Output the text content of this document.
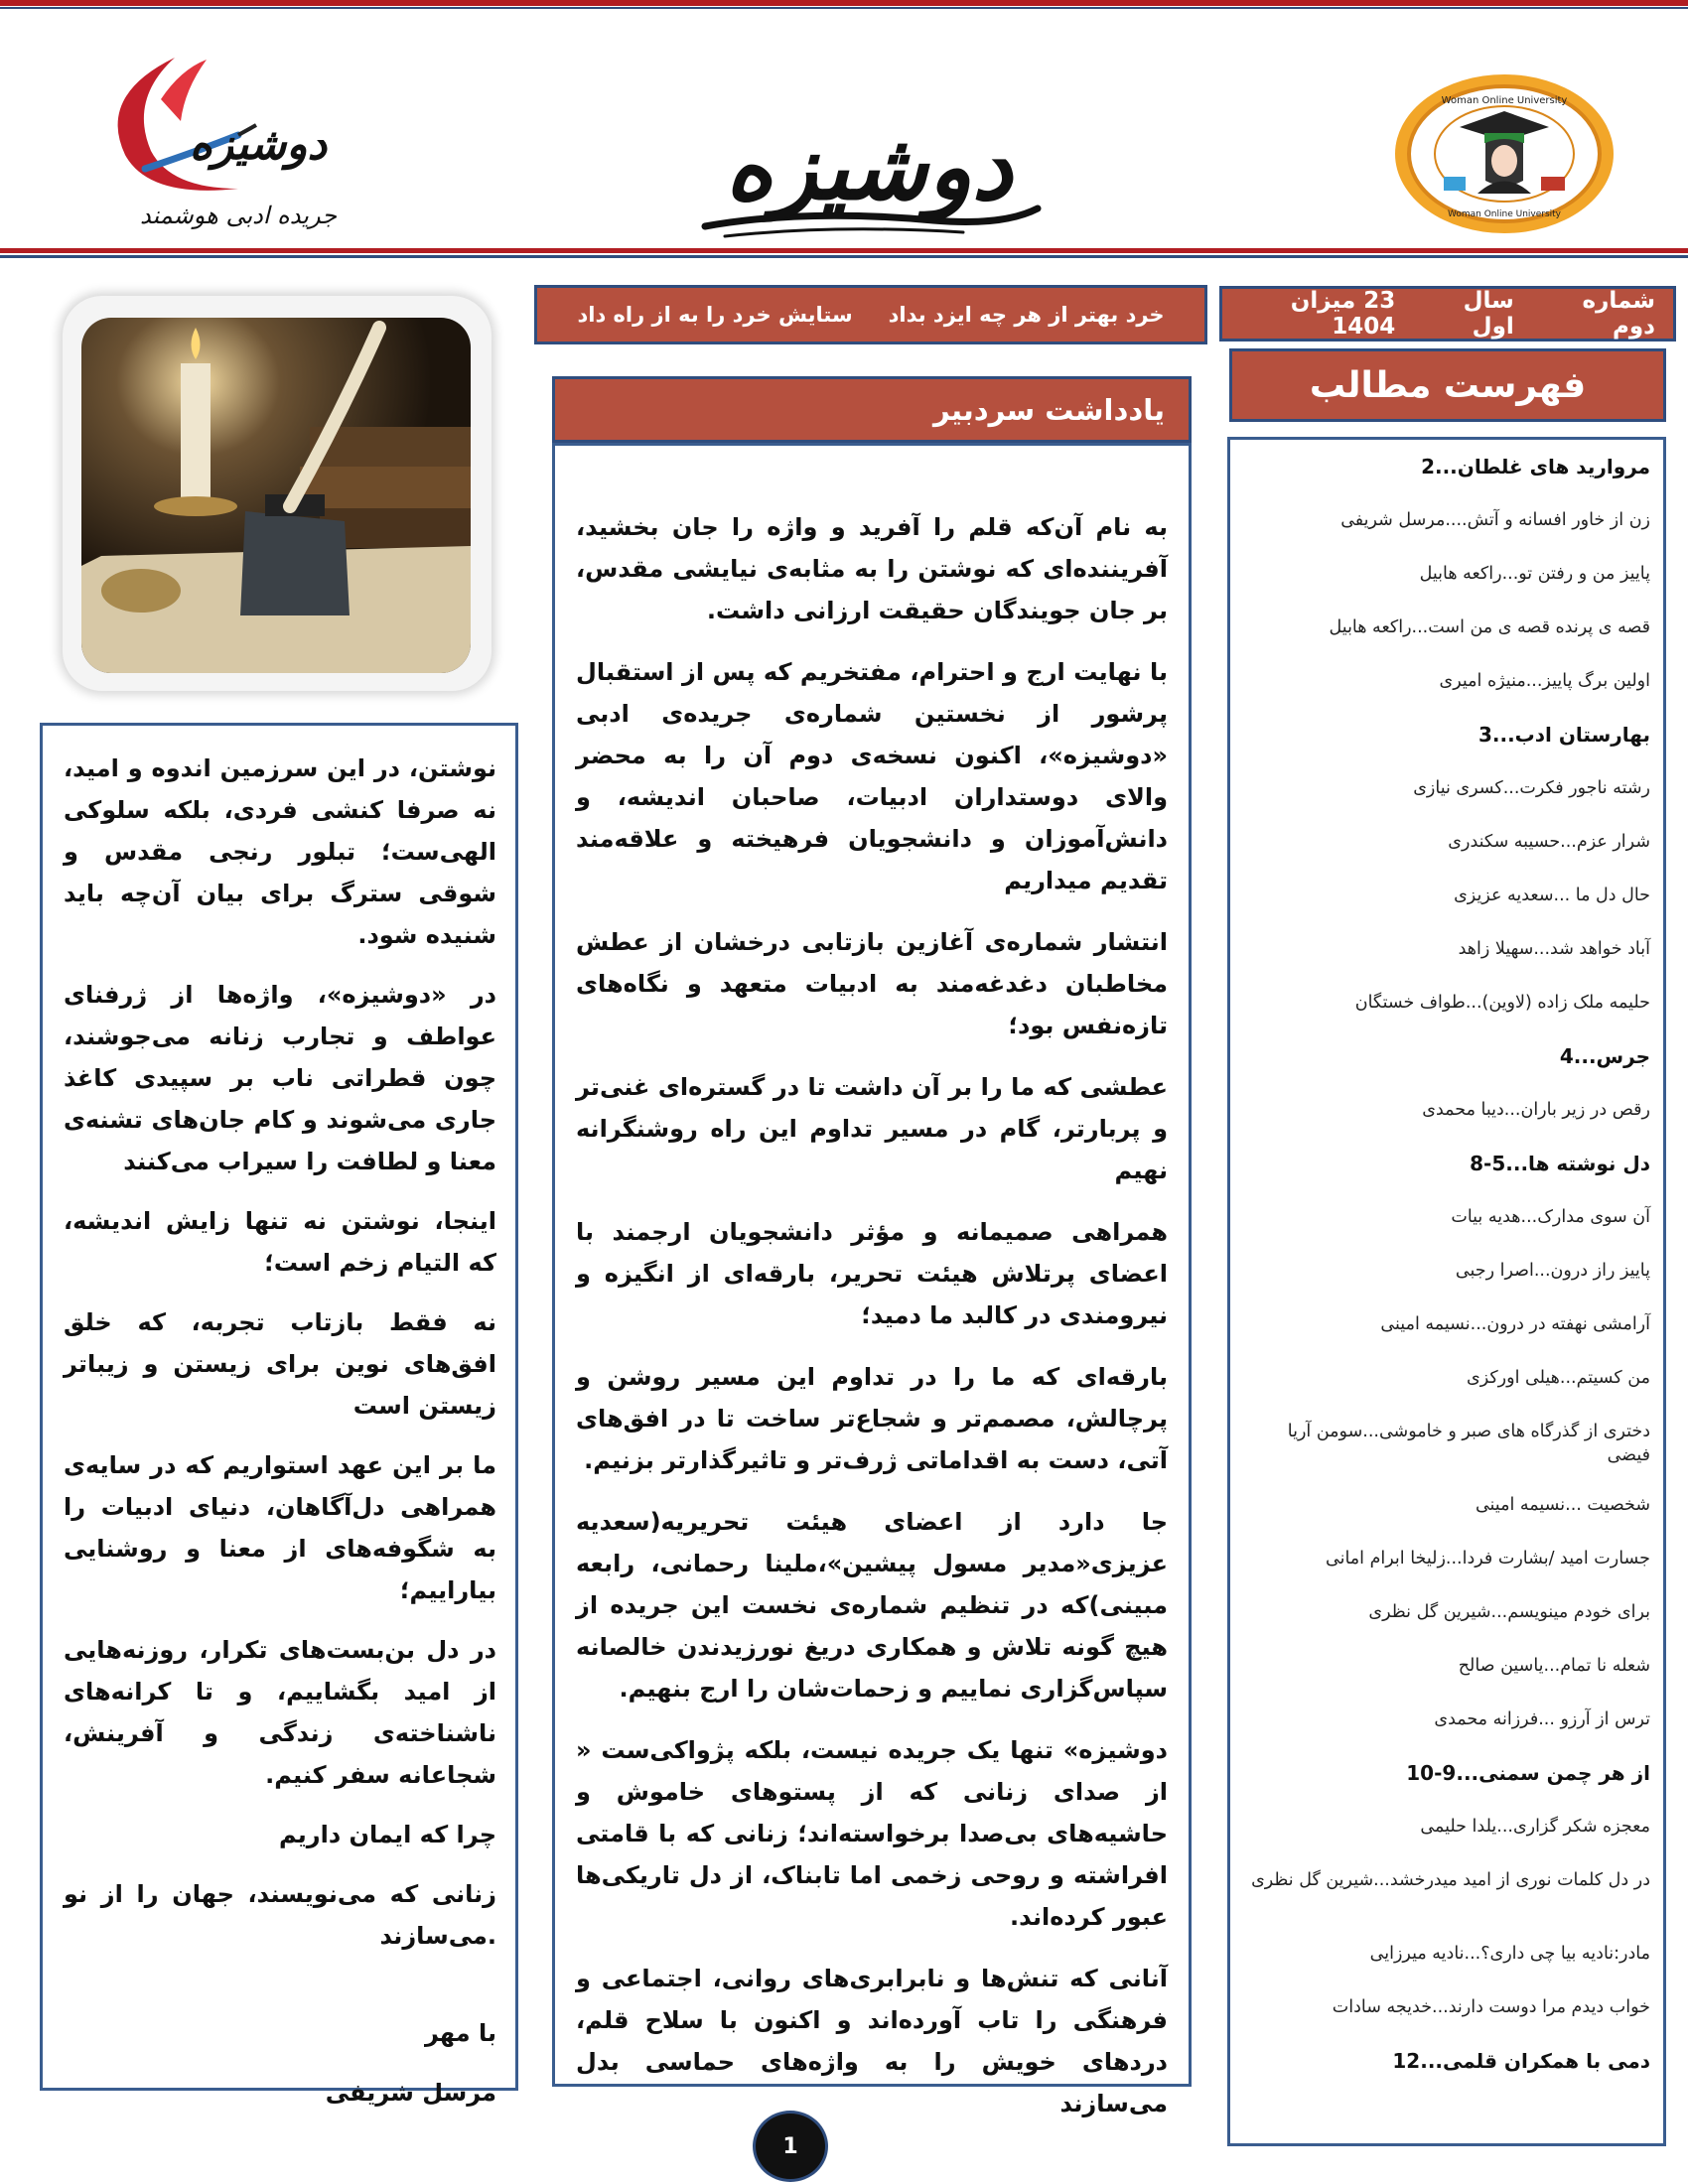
Woman Online University
Woman Online University
دوشیزه
دوشیزه
جریده ادبی هوشمند
شماره دوم
سال اول
23 میزان 1404
خرد بهتر از هر چه ایزد بداد
ستایش خرد را به از راه داد
فهرست مطالب
مروارید های غلطان...2
زن از خاور افسانه و آتش....مرسل شریفی
پاییز من و رفتن تو...راکعه هابیل
قصه ی پرنده قصه ی من است...راکعه هابیل
اولین برگ پاییز...منیژه امیری
بهارستان ادب...3
رشته ناجور فکرت...کسری نیازی
شرار عزم...حسیبه سکندری
حال دل ما ...سعدیه عزیزی
آباد خواهد شد...سهیلا زاهد
حلیمه ملک زاده (لاوین)...طواف خستگان
جرس...4
رقص در زیر باران...دیبا محمدی
دل نوشته ها...5-8
آن سوی مدارک...هدیه بیات
پاییز راز درون...اصرا رجبی
آرامشی نهفته در درون...نسیمه امینی
من کسیتم...هیلی اورکزی
دختری از گذرگاه های صبر و خاموشی...سومن آریا فیضی
شخصیت ...نسیمه امینی
جسارت امید /بشارت فردا...زلیخا ابرام امانی
برای خودم مینویسم...شیرین گل نظری
شعله نا تمام...یاسین صالح
ترس از آرزو ...فرزانه محمدی
از هر چمن سمنی...9-10
معجزه شکر گزاری...یلدا حلیمی
در دل کلمات نوری از امید میدرخشد...شیرین گل نظری
مادر:نادیه بیا چی داری؟...نادیه میرزایی
خواب دیدم مرا دوست دارند...خدیجه سادات
دمی با همکران قلمی...12
یادداشت سردبیر

به نام آن‌که قلم را آفرید و واژه را جان بخشید، آفریننده‌ای که نوشتن را به مثابه‌ی نیایشی مقدس، بر جان جویندگان حقیقت ارزانی داشت.

با نهایت ارج و احترام، مفتخریم که پس از استقبال پرشور از نخستین شماره‌ی جریده‌ی ادبی «دوشیزه»، اکنون نسخه‌ی دوم آن را به محضر والای دوستداران ادبیات، صاحبان اندیشه، و دانش‌آموزان و دانشجویان فرهیخته و علاقه‌مند تقدیم میداریم

انتشار شماره‌ی آغازین بازتابی درخشان از عطش مخاطبان دغدغه‌مند به ادبیات متعهد و نگاه‌های تازه‌نفس بود؛

عطشی که ما را بر آن داشت تا در گستره‌ای غنی‌تر و پربارتر، گام در مسیر تداوم این راه روشنگرانه نهیم

همراهی صمیمانه و مؤثر دانشجویان ارجمند با اعضای پرتلاش هیئت تحریر، بارقه‌ای از انگیزه و نیرومندی در کالبد ما دمید؛

بارقه‌ای که ما را در تداوم این مسیر روشن و پرچالش، مصمم‌تر و شجاع‌تر ساخت تا در افق‌های آتی، دست به اقداماتی ژرف‌تر و تاثیرگذارتر بزنیم.

جا دارد از اعضای هیئت تحریریه(سعدیه عزیزی«مدیر مسول پیشین»،ملینا رحمانی، رابعه مبینی)که در تنظیم شماره‌ی نخست این جریده از هیچ گونه تلاش و همکاری دریغ نورزیدندن خالصانه سپاس‌گزاری نماییم و زحمات‌شان را ارج بنهیم.

دوشیزه» تنها یک جریده نیست، بلکه پژواکی‌ست « از صدای زنانی که از پستوهای خاموش و حاشیه‌های بی‌صدا برخواسته‌اند؛ زنانی که با قامتی افراشته و روحی زخمی اما تابناک، از دل تاریکی‌ها عبور کرده‌اند.

آنانی که تنش‌ها و نابرابری‌های روانی، اجتماعی و فرهنگی را تاب آورده‌اند و اکنون با سلاح قلم، دردهای خویش را به واژه‌های حماسی بدل می‌سازند

نوشتن، در این سرزمین اندوه و امید، نه صرفا کنشی فردی، بلکه سلوکی الهی‌ست؛ تبلور رنجی مقدس و شوقی سترگ برای بیان آن‌چه باید شنیده شود.

در «دوشیزه»، واژه‌ها از ژرفنای عواطف و تجارب زنانه می‌جوشند، چون قطراتی ناب بر سپیدی کاغذ جاری می‌شوند و کام جان‌های تشنه‌ی معنا و لطافت را سیراب می‌کنند

اینجا، نوشتن نه تنها زایش اندیشه، که التیام زخم است؛

نه فقط بازتاب تجربه، که خلق افق‌های نوین برای زیستن و زیباتر زیستن است

ما بر این عهد استواریم که در سایه‌ی همراهی دل‌آگاهان، دنیای ادبیات را به شگوفه‌های از معنا و روشنایی بیاراییم؛

در دل بن‌بست‌های تکرار، روزنه‌هایی از امید بگشاییم، و تا کرانه‌های ناشناخته‌ی زندگی و آفرینش، شجاعانه سفر کنیم.

چرا که ایمان داریم

زنانی که می‌نویسند، جهان را از نو .می‌سازند

با مهر

مرسل شریفی

1
